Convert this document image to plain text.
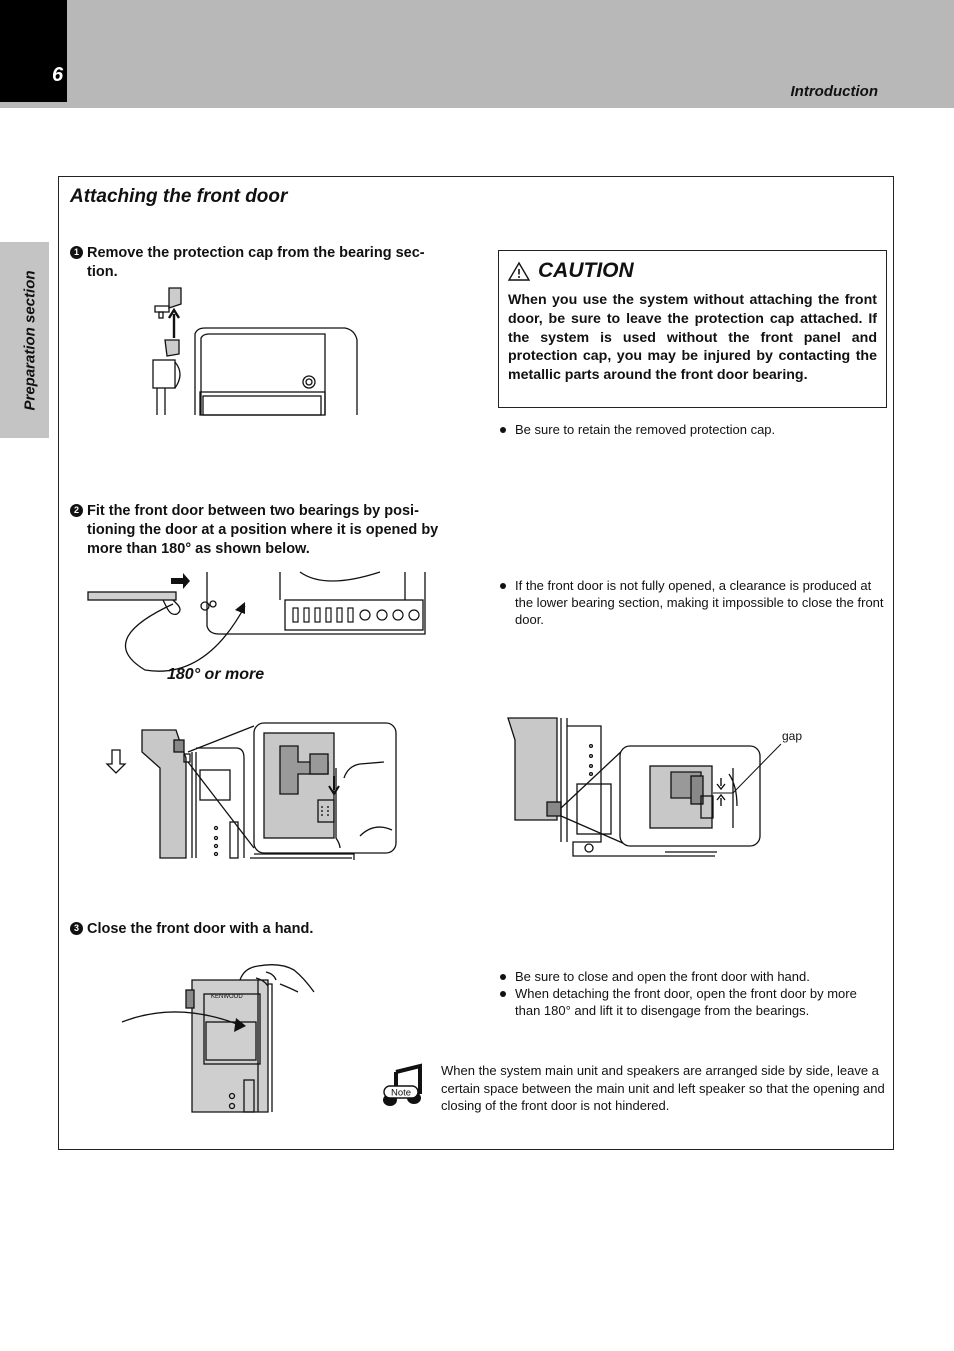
6
Introduction
Preparation section
Attaching the front door
1 Remove the protection cap from the bearing sec-tion.	CAUTION
When you use the system without attaching the front door, be sure to leave the protection cap attached. If the system is used without the front panel and protection cap, you may be injured by contacting the metallic parts around the front door bearing.
Be sure to retain the removed protection cap.
2 Fit the front door between two bearings by posi-tioning the door at a position where it is opened by more than 180° as shown below.
180° or more
If the front door is not fully opened, a clearance is produced at the lower bearing section, making it impossible to close the front door.
gap
3 Close the front door with a hand.
KENWOOD
Be sure to close and open the front door with hand.
When detaching the front door, open the front door by more than 180° and lift it to disengage from the bearings.
Note
When the system main unit and speakers are arranged side by side, leave a certain space between the main unit and left speaker so that the opening and closing of the front door is not hindered.
